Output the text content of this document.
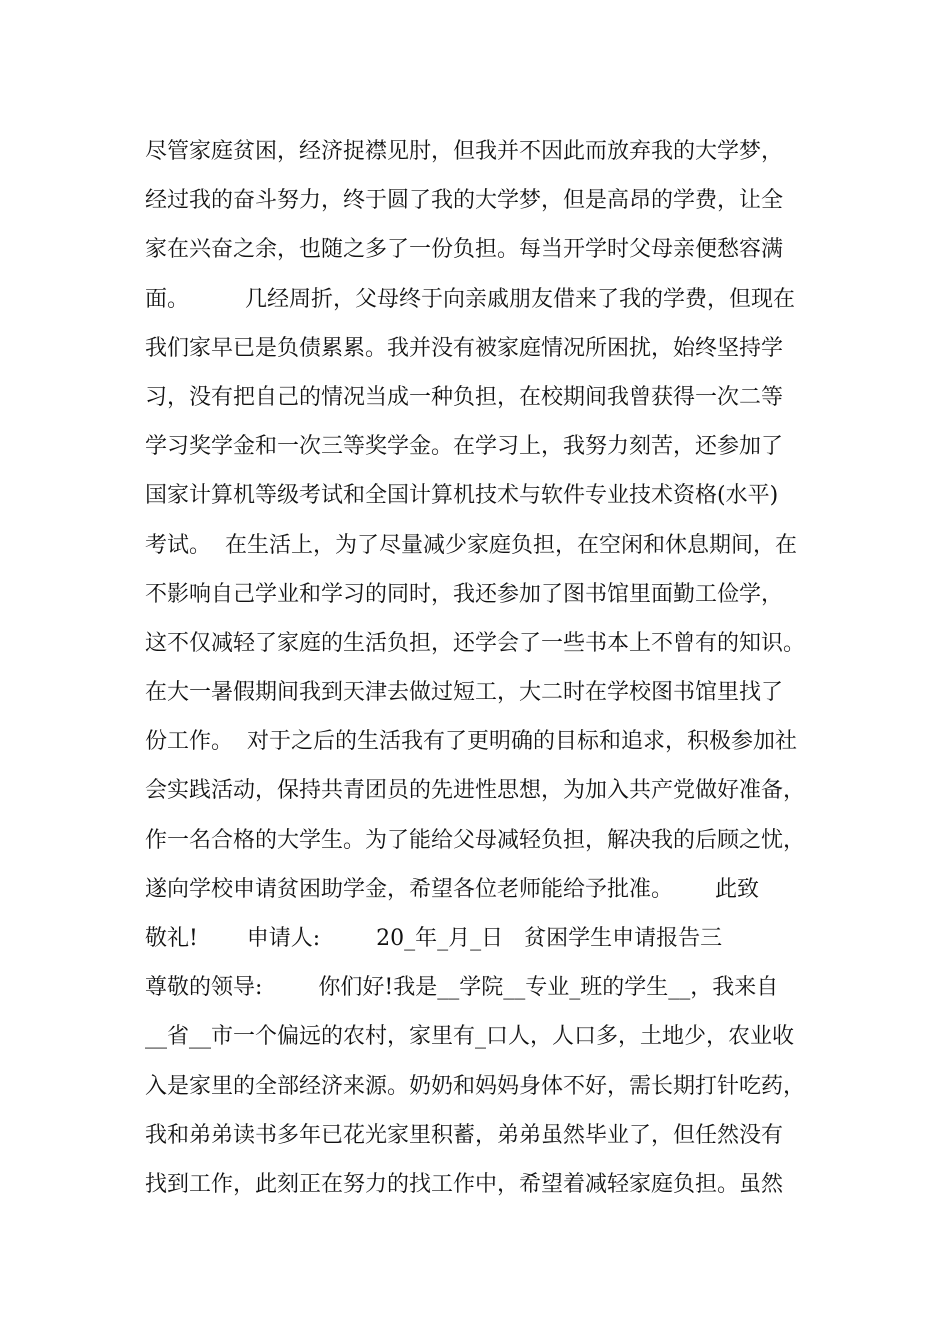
尽管家庭贫困，经济捉襟见肘，但我并不因此而放弃我的大学梦，
经过我的奋斗努力，终于圆了我的大学梦，但是高昂的学费，让全
家在兴奋之余，也随之多了一份负担。每当开学时父母亲便愁容满
面。        几经周折，父母终于向亲戚朋友借来了我的学费，但现在
我们家早已是负债累累。我并没有被家庭情况所困扰，始终坚持学
习，没有把自己的情况当成一种负担，在校期间我曾获得一次二等
学习奖学金和一次三等奖学金。在学习上，我努力刻苦，还参加了
国家计算机等级考试和全国计算机技术与软件专业技术资格(水平)
考试。  在生活上，为了尽量减少家庭负担，在空闲和休息期间，在
不影响自己学业和学习的同时，我还参加了图书馆里面勤工俭学，
这不仅减轻了家庭的生活负担，还学会了一些书本上不曾有的知识。
在大一暑假期间我到天津去做过短工，大二时在学校图书馆里找了
份工作。  对于之后的生活我有了更明确的目标和追求，积极参加社
会实践活动，保持共青团员的先进性思想，为加入共产党做好准备，
作一名合格的大学生。为了能给父母减轻负担，解决我的后顾之忧，
遂向学校申请贫困助学金，希望各位老师能给予批准。      此致
敬礼!       申请人:        20_年_月_日   贫困学生申请报告三
尊敬的领导:        你们好!我是__学院__专业_班的学生__，我来自
__省__市一个偏远的农村，家里有_口人，人口多，土地少，农业收
入是家里的全部经济来源。奶奶和妈妈身体不好，需长期打针吃药，
我和弟弟读书多年已花光家里积蓄，弟弟虽然毕业了，但任然没有
找到工作，此刻正在努力的找工作中，希望着减轻家庭负担。虽然
